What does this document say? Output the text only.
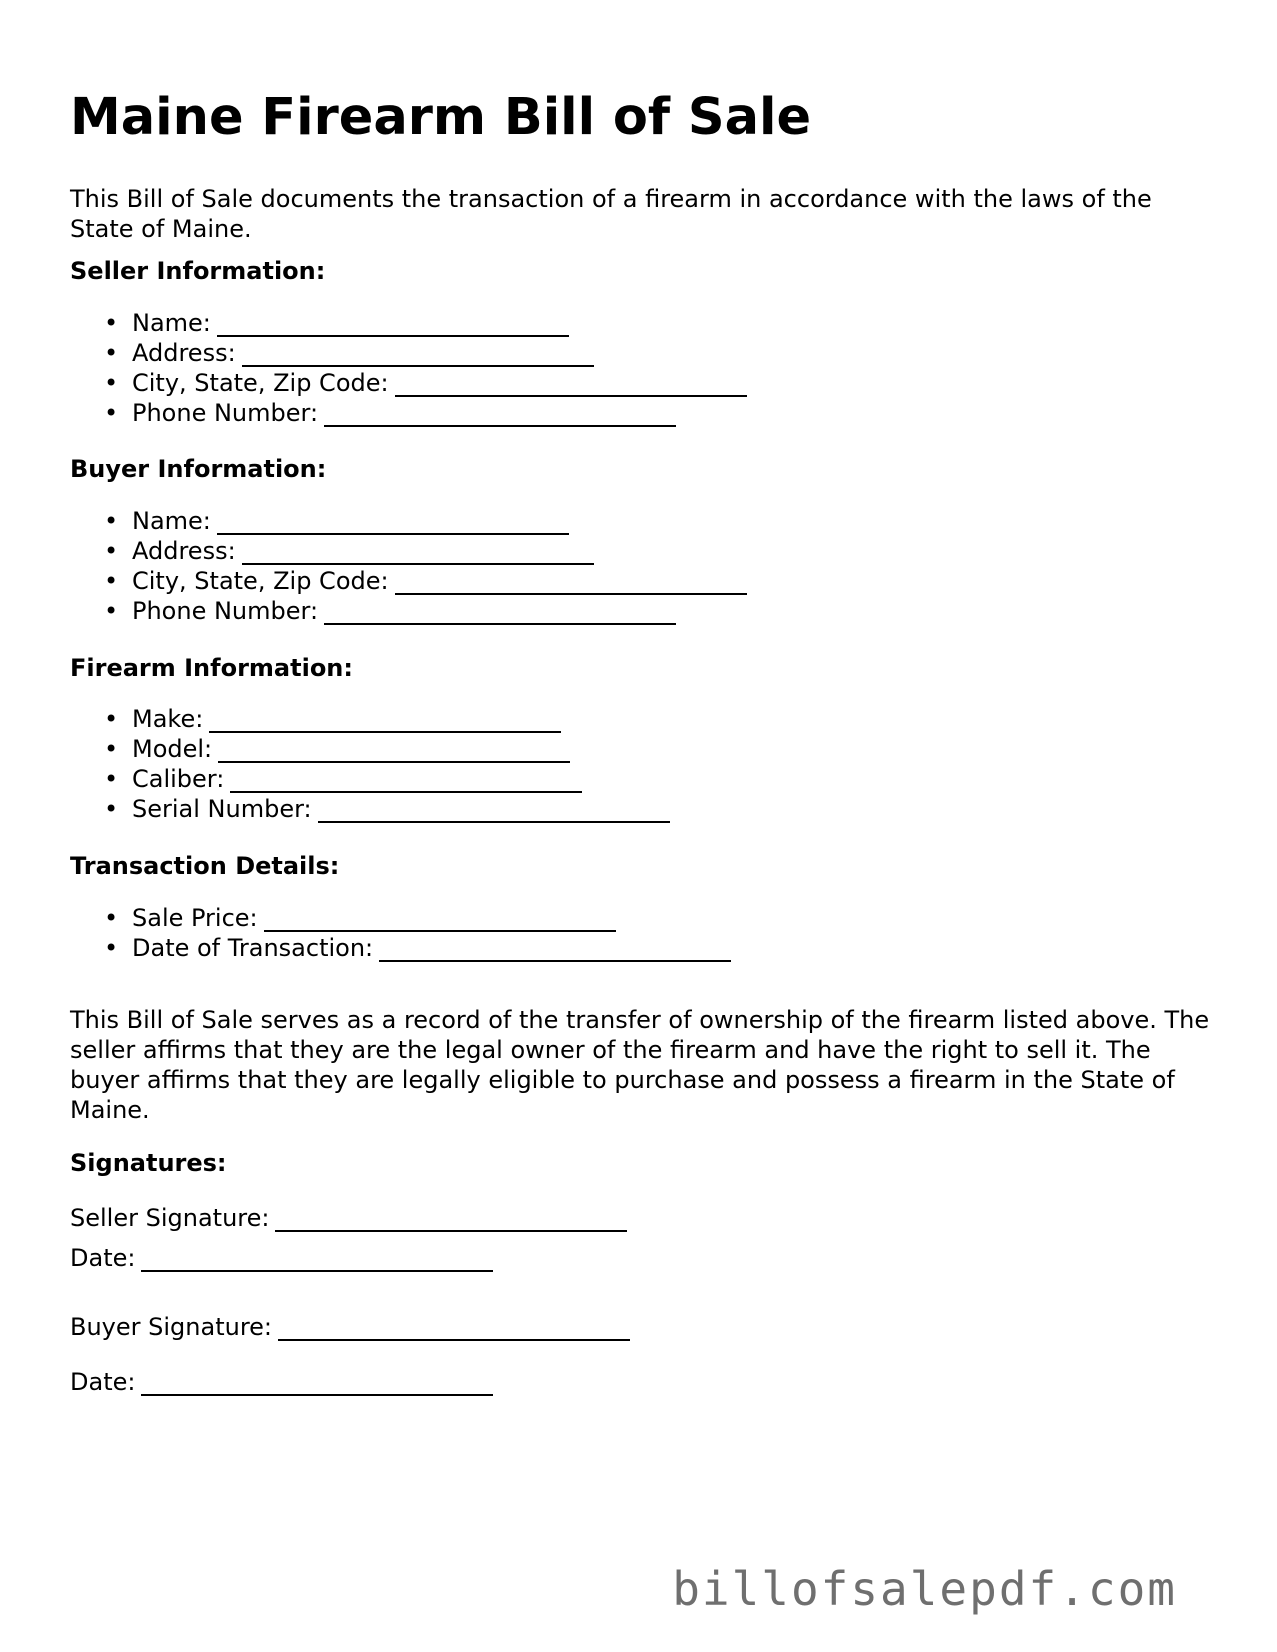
Maine Firearm Bill of Sale

This Bill of Sale documents the transaction of a firearm in accordance with the laws of the State of Maine.

Seller Information:
• Name:
• Address:
• City, State, Zip Code:
• Phone Number:
Buyer Information:
• Name:
• Address:
• City, State, Zip Code:
• Phone Number:
Firearm Information:
• Make:
• Model:
• Caliber:
• Serial Number:
Transaction Details:
• Sale Price:
• Date of Transaction:

This Bill of Sale serves as a record of the transfer of ownership of the firearm listed above. The seller affirms that they are the legal owner of the firearm and have the right to sell it. The buyer affirms that they are legally eligible to purchase and possess a firearm in the State of Maine.

Signatures:
Seller Signature:
Date:
Buyer Signature:
Date:
billofsalepdf.com
